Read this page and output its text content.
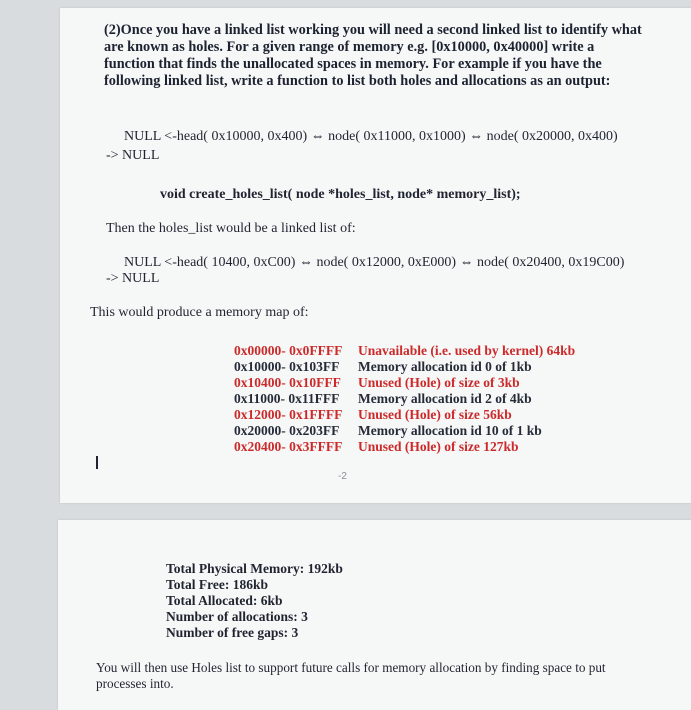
(2)Once you have a linked list working you will need a second linked list to identify what are known as holes. For a given range of memory e.g. [0x10000, 0x40000] write a function that finds the unallocated spaces in memory. For example if you have the following linked list, write a function to list both holes and allocations as an output:
NULL <-head( 0x10000, 0x400) ⇔ node( 0x11000, 0x1000) ⇔ node( 0x20000, 0x400)
-> NULL
void create_holes_list( node *holes_list, node* memory_list);
Then the holes_list would be a linked list of:
NULL <-head( 10400, 0xC00) ⇔ node( 0x12000, 0xE000) ⇔ node( 0x20400, 0x19C00)
-> NULL
This would produce a memory map of:
0x00000- 0x0FFFF Unavailable (i.e. used by kernel) 64kb
0x10000- 0x103FF Memory allocation id 0 of 1kb
0x10400- 0x10FFF Unused (Hole) of size of 3kb
0x11000- 0x11FFF Memory allocation id 2 of 4kb
0x12000- 0x1FFFF Unused (Hole) of size 56kb
0x20000- 0x203FF Memory allocation id 10 of 1 kb
0x20400- 0x3FFFF Unused (Hole) of size 127kb
-2
Total Physical Memory: 192kb
Total Free: 186kb
Total Allocated: 6kb
Number of allocations: 3
Number of free gaps: 3
You will then use Holes list to support future calls for memory allocation by finding space to put processes into.
